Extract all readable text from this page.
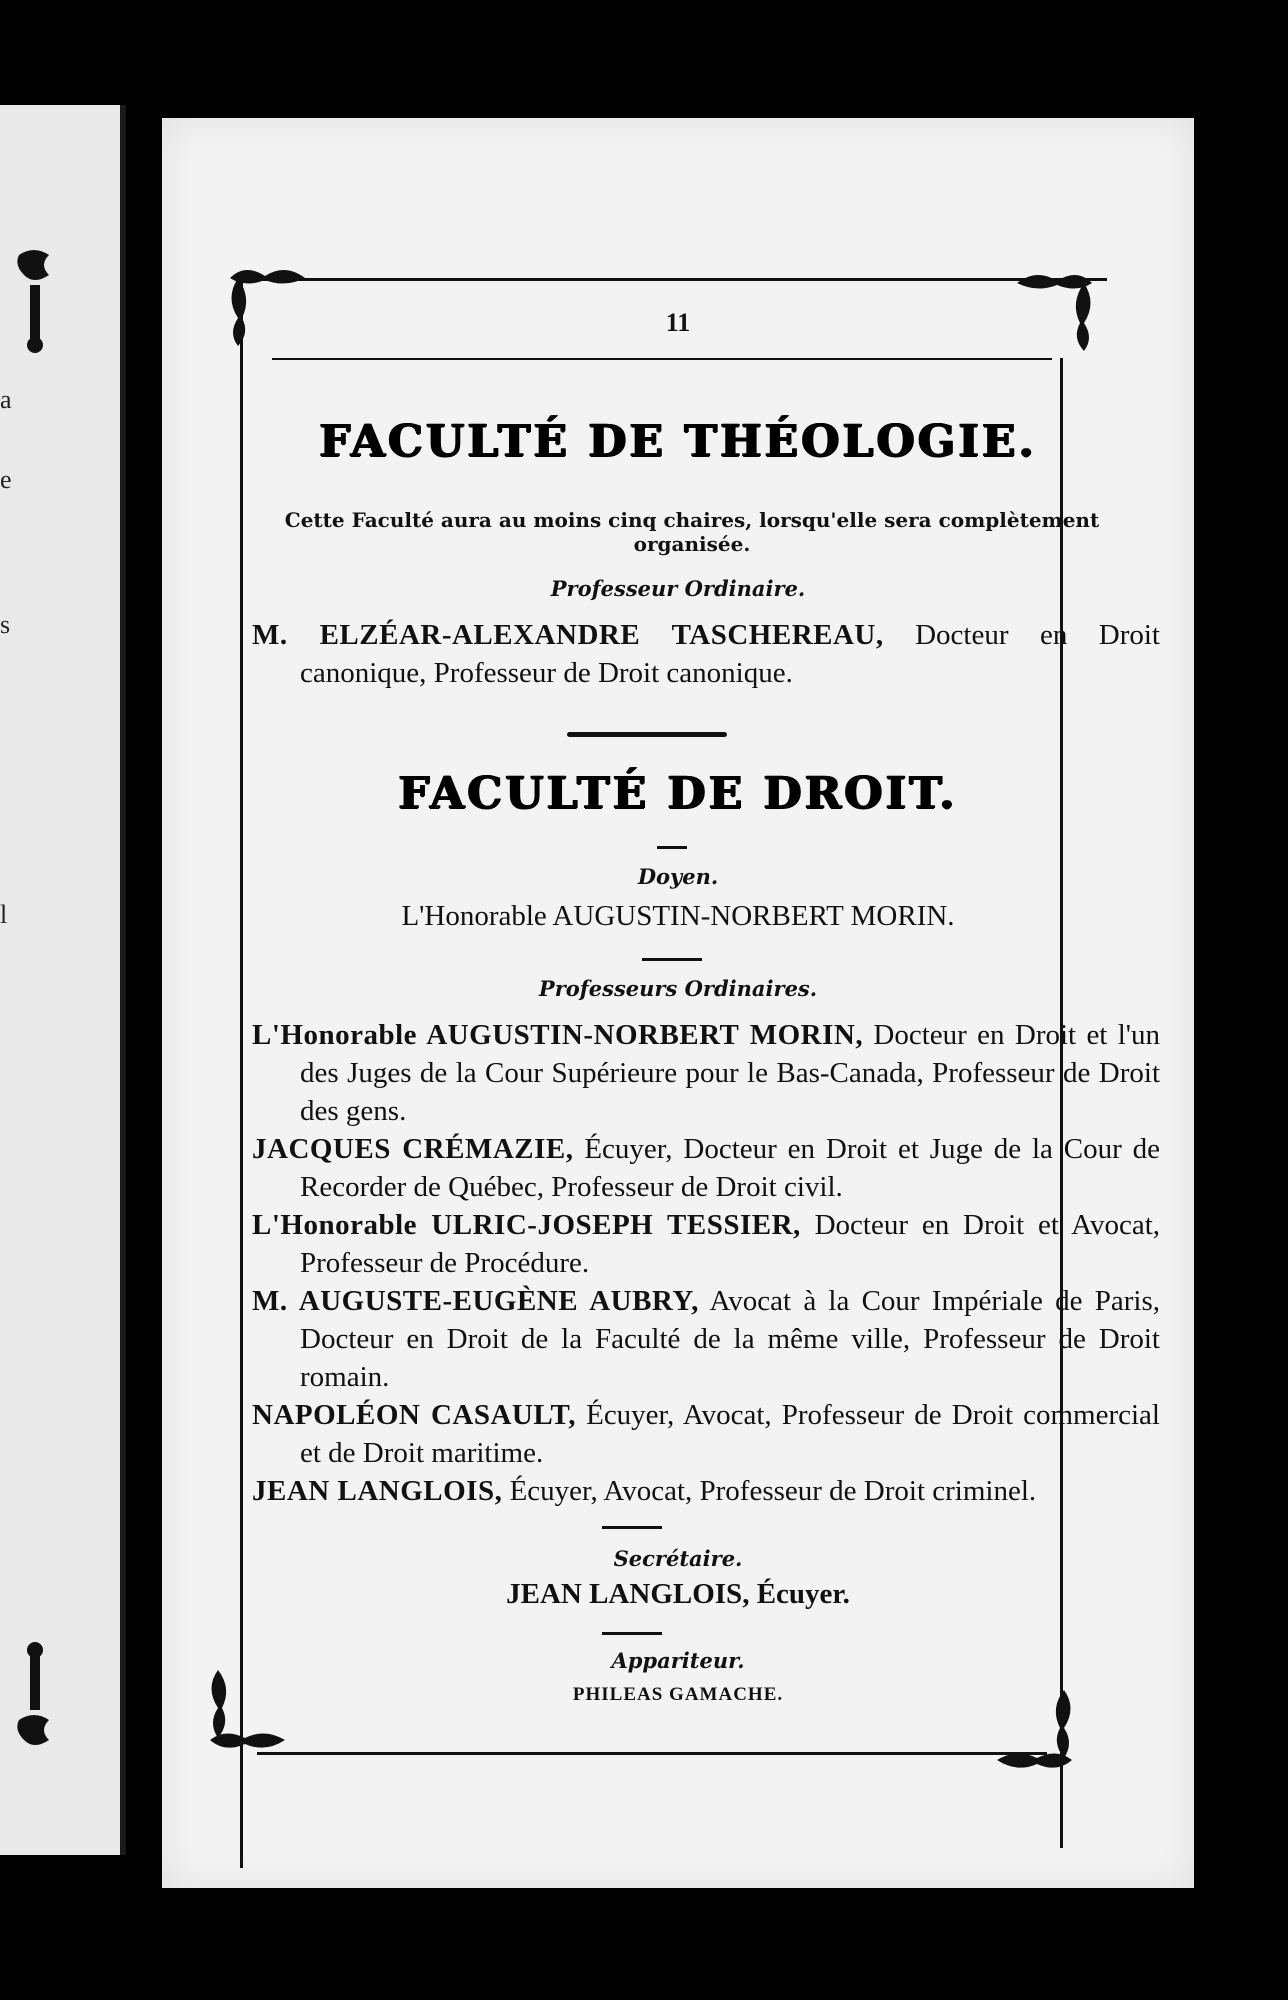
a
e
s
l
11
FACULTÉ DE THÉOLOGIE.
Cette Faculté aura au moins cinq chaires, lorsqu'elle sera complètement organisée.
Professeur Ordinaire.
M. ELZÉAR-ALEXANDRE TASCHEREAU, Docteur en Droit canonique, Professeur de Droit canonique.
FACULTÉ DE DROIT.
Doyen.
L'Honorable AUGUSTIN-NORBERT MORIN.
Professeurs Ordinaires.
L'Honorable AUGUSTIN-NORBERT MORIN, Docteur en Droit et l'un des Juges de la Cour Supérieure pour le Bas-Canada, Professeur de Droit des gens.
JACQUES CRÉMAZIE, Écuyer, Docteur en Droit et Juge de la Cour de Recorder de Québec, Professeur de Droit civil.
L'Honorable ULRIC-JOSEPH TESSIER, Docteur en Droit et Avocat, Professeur de Procédure.
M. AUGUSTE-EUGÈNE AUBRY, Avocat à la Cour Impériale de Paris, Docteur en Droit de la Faculté de la même ville, Professeur de Droit romain.
NAPOLÉON CASAULT, Écuyer, Avocat, Professeur de Droit commercial et de Droit maritime.
JEAN LANGLOIS, Écuyer, Avocat, Professeur de Droit criminel.
Secrétaire.
JEAN LANGLOIS, Écuyer.
Appariteur.
PHILEAS GAMACHE.
